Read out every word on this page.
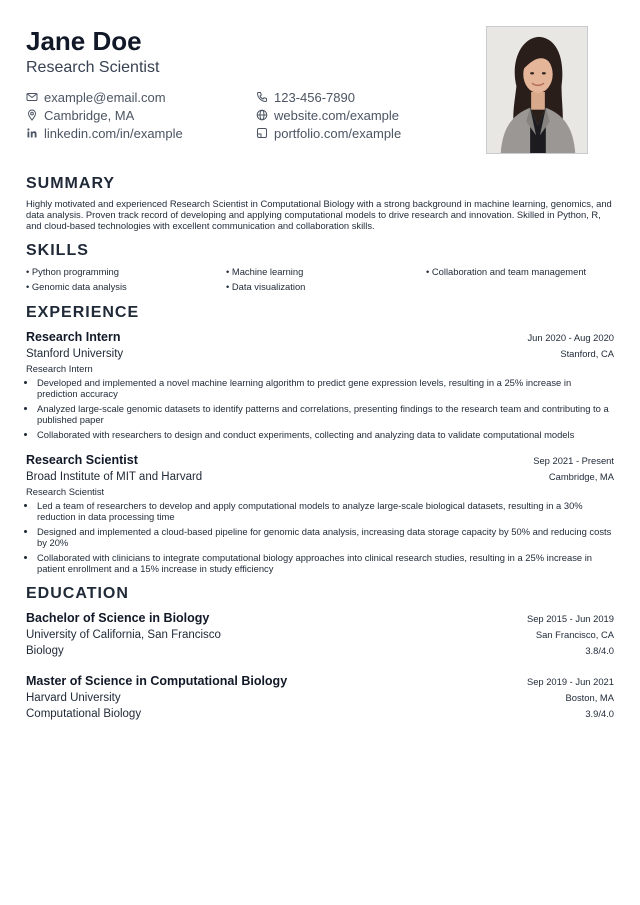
Jane Doe
Research Scientist
example@email.com	123-456-7890
Cambridge, MA	website.com/example
linkedin.com/in/example	portfolio.com/example
SUMMARY
Highly motivated and experienced Research Scientist in Computational Biology with a strong background in machine learning, genomics, and data analysis. Proven track record of developing and applying computational models to drive research and innovation. Skilled in Python, R, and cloud-based technologies with excellent communication and collaboration skills.
SKILLS
• Python programming	• Machine learning	• Collaboration and team management
• Genomic data analysis	• Data visualization
EXPERIENCE
Research Intern	Jun 2020 - Aug 2020
Stanford University	Stanford, CA
Research Intern
• Developed and implemented a novel machine learning algorithm to predict gene expression levels, resulting in a 25% increase in prediction accuracy
• Analyzed large-scale genomic datasets to identify patterns and correlations, presenting findings to the research team and contributing to a published paper
• Collaborated with researchers to design and conduct experiments, collecting and analyzing data to validate computational models
Research Scientist	Sep 2021 - Present
Broad Institute of MIT and Harvard	Cambridge, MA
Research Scientist
• Led a team of researchers to develop and apply computational models to analyze large-scale biological datasets, resulting in a 30% reduction in data processing time
• Designed and implemented a cloud-based pipeline for genomic data analysis, increasing data storage capacity by 50% and reducing costs by 20%
• Collaborated with clinicians to integrate computational biology approaches into clinical research studies, resulting in a 25% increase in patient enrollment and a 15% increase in study efficiency
EDUCATION
Bachelor of Science in Biology	Sep 2015 - Jun 2019
University of California, San Francisco	San Francisco, CA
Biology	3.8/4.0
Master of Science in Computational Biology	Sep 2019 - Jun 2021
Harvard University	Boston, MA
Computational Biology	3.9/4.0
